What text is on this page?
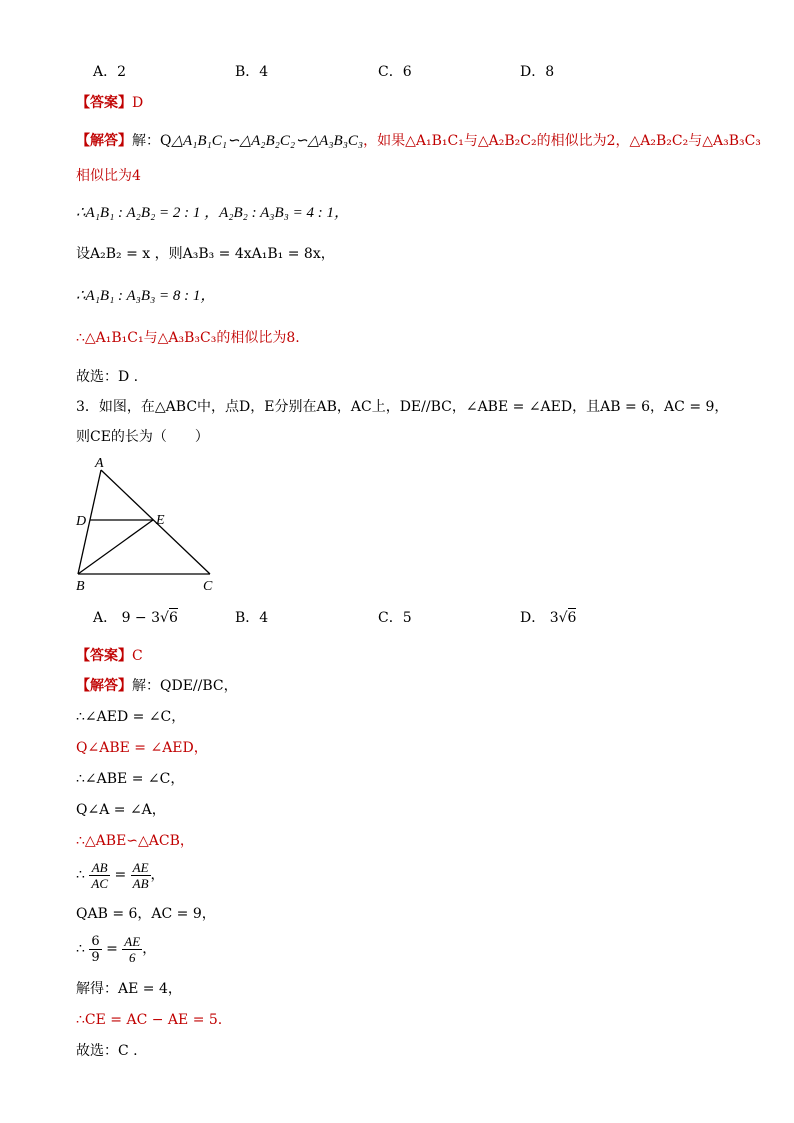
A．2	B．4	C．6	D．8
【答案】D
【解答】解：Q△A₁B₁C₁∽△A₂B₂C₂∽△A₃B₃C₃，如果△A₁B₁C₁与△A₂B₂C₂的相似比为2，△A₂B₂C₂与△A₃B₃C₃
相似比为4
∴A₁B₁ : A₂B₂ = 2 : 1 ，A₂B₂ : A₃B₃ = 4 : 1，
设A₂B₂ = x ，则A₃B₃ = 4xA₁B₁ = 8x，
∴A₁B₁ : A₃B₃ = 8 : 1，
∴△A₁B₁C₁与△A₃B₃C₃的相似比为8.
故选：D .
3．如图，在△ABC中，点D，E分别在AB，AC上，DE//BC，∠ABE = ∠AED，且AB = 6，AC = 9，
则CE的长为（　　）
A
D	E
B	C
A． 9 − 3√6	B．4	C．5	D． 3√6
【答案】C
【解答】解：QDE//BC，
∴∠AED = ∠C，
Q∠ABE = ∠AED，
∴∠ABE = ∠C，
Q∠A = ∠A，
∴△ABE∽△ACB，
∴ $\frac{AB}{AC} = \frac{AE}{AB}$ ，
QAB = 6，AC = 9，
∴ $\frac{6}{9} = \frac{AE}{6}$ ，
解得：AE = 4，
∴CE = AC − AE = 5.
故选：C .
